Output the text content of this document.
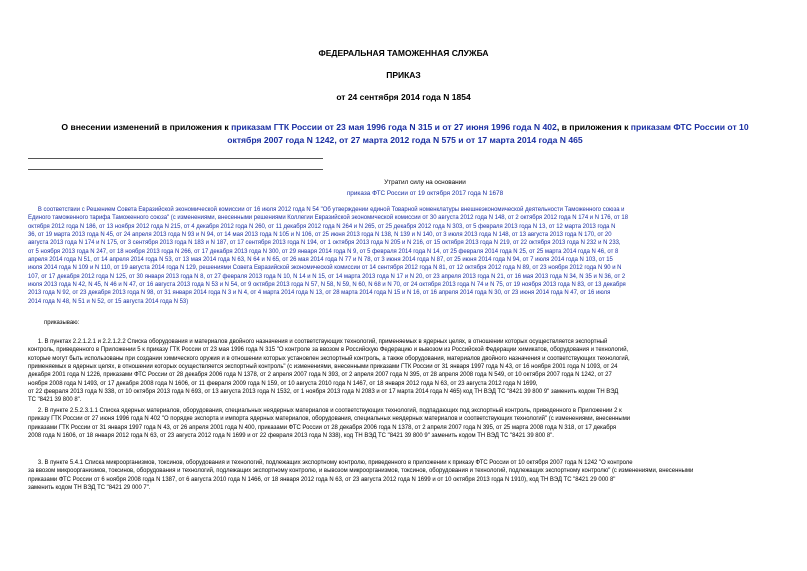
ФЕДЕРАЛЬНАЯ ТАМОЖЕННАЯ СЛУЖБА
ПРИКАЗ
от 24 сентября 2014 года N 1854
О внесении изменений в приложения к приказам ГТК России от 23 мая 1996 года N 315 и от 27 июня 1996 года N 402, в приложения к приказам ФТС России от 10 октября 2007 года N 1242, от 27 марта 2012 года N 575 и от 17 марта 2014 года N 465
Утратил силу на основании
приказа ФТС России от 19 октября 2017 года N 1678
В соответствии с Решением Совета Евразийской экономической комиссии от 16 июля 2012 года N 54 "Об утверждении единой Товарной номенклатуры внешнеэкономической деятельности Таможенного союза и
Единого таможенного тарифа Таможенного союза" (с изменениями, внесенными решениями Коллегии Евразийской экономической комиссии от 30 августа 2012 года N 148, от 2 октября 2012 года N 174 и N 176, от 18
октября 2012 года N 186, от 13 ноября 2012 года N 215, от 4 декабря 2012 года N 260, от 11 декабря 2012 года N 264 и N 265, от 25 декабря 2012 года N 303, от 5 февраля 2013 года N 13, от 12 марта 2013 года N
36, от 19 марта 2013 года N 45, от 24 апреля 2013 года N 93 и N 94, от 14 мая 2013 года N 105 и N 106, от 25 июня 2013 года N 138, N 139 и N 140, от 3 июля 2013 года N 148, от 13 августа 2013 года N 170, от 20
августа 2013 года N 174 и N 175, от 3 сентября 2013 года N 183 и N 187, от 17 сентября 2013 года N 194, от 1 октября 2013 года N 205 и N 216, от 15 октября 2013 года N 219, от 22 октября 2013 года N 232 и N 233,
от 5 ноября 2013 года N 247, от 18 ноября 2013 года N 266, от 17 декабря 2013 года N 300, от 29 января 2014 года N 9, от 5 февраля 2014 года N 14, от 25 февраля 2014 года N 25, от 25 марта 2014 года N 46, от 8
апреля 2014 года N 51, от 14 апреля 2014 года N 53, от 13 мая 2014 года N 63, N 64 и N 65, от 26 мая 2014 года N 77 и N 78, от 3 июня 2014 года N 87, от 25 июня 2014 года N 94, от 7 июля 2014 года N 103, от 15
июля 2014 года N 109 и N 110, от 19 августа 2014 года N 129, решениями Совета Евразийской экономической комиссии от 14 сентября 2012 года N 81, от 12 октября 2012 года N 89, от 23 ноября 2012 года N 90 и N
107, от 17 декабря 2012 года N 125, от 30 января 2013 года N 8, от 27 февраля 2013 года N 10, N 14 и N 15, от 14 марта 2013 года N 17 и N 20, от 23 апреля 2013 года N 21, от 16 мая 2013 года N 34, N 35 и N 36, от 2
июля 2013 года N 42, N 45, N 46 и N 47, от 16 августа 2013 года N 53 и N 54, от 9 октября 2013 года N 57, N 58, N 59, N 60, N 68 и N 70, от 24 октября 2013 года N 74 и N 75, от 19 ноября 2013 года N 83, от 13 декабря
2013 года N 92, от 23 декабря 2013 года N 98, от 31 января 2014 года N 3 и N 4, от 4 марта 2014 года N 13, от 28 марта 2014 года N 15 и N 16, от 16 апреля 2014 года N 30, от 23 июня 2014 года N 47, от 16 июля
2014 года N 48, N 51 и N 52, от 15 августа 2014 года N 53)
приказываю:
1. В пунктах 2.2.1.2.1 и 2.2.1.2.2 Списка оборудования и материалов двойного назначения и соответствующих технологий, применяемых в ядерных целях, в отношении которых осуществляется экспортный
контроль, приведенного в Приложении 5 к приказу ГТК России от 23 мая 1996 года N 315 "О контроле за ввозом в Российскую Федерацию и вывозом из Российской Федерации химикатов, оборудования и технологий,
которые могут быть использованы при создании химического оружия и в отношении которых установлен экспортный контроль, а также оборудования, материалов двойного назначения и соответствующих технологий,
применяемых в ядерных целях, в отношении которых осуществляется экспортный контроль" (с изменениями, внесенными приказами ГТК России от 31 января 1997 года N 43, от 16 ноября 2001 года N 1093, от 24
декабря 2001 года N 1226, приказами ФТС России от 28 декабря 2006 года N 1378, от 2 апреля 2007 года N 393, от 2 апреля 2007 года N 395, от 28 апреля 2008 года N 549, от 10 октября 2007 года N 1242, от 27
ноября 2008 года N 1493, от 17 декабря 2008 года N 1606, от 11 февраля 2009 года N 159, от 10 августа 2010 года N 1467, от 18 января 2012 года N 63, от 23 августа 2012 года N 1699,
от 22 февраля 2013 года N 338, от 10 октября 2013 года N 693, от 13 августа 2013 года N 1532, от 1 ноября 2013 года N 2083 и от 17 марта 2014 года N 465) код ТН ВЭД ТС "8421 39 800 9" заменить кодом ТН ВЭД
ТС "8421 39 800 8".
2. В пункте 2.5.2.3.1.1 Списка ядерных материалов, оборудования, специальных неядерных материалов и соответствующих технологий, подпадающих под экспортный контроль, приведенного в Приложении 2 к
приказу ГТК России от 27 июня 1996 года N 402 "О порядке экспорта и импорта ядерных материалов, оборудования, специальных неядерных материалов и соответствующих технологий" (с изменениями, внесенными
приказами ГТК России от 31 января 1997 года N 43, от 26 апреля 2001 года N 400, приказами ФТС России от 28 декабря 2006 года N 1378, от 2 апреля 2007 года N 395, от 25 марта 2008 года N 318, от 17 декабря
2008 года N 1606, от 18 января 2012 года N 63, от 23 августа 2012 года N 1699 и от 22 февраля 2013 года N 338), код ТН ВЭД ТС "8421 39 800 9" заменить кодом ТН ВЭД ТС "8421 39 800 8".
3. В пункте 5.4.1 Списка микроорганизмов, токсинов, оборудования и технологий, подлежащих экспортному контролю, приведенного в приложении к приказу ФТС России от 10 октября 2007 года N 1242 "О контроле
за ввозом микроорганизмов, токсинов, оборудования и технологий, подлежащих экспортному контролю, и вывозом микроорганизмов, токсинов, оборудования и технологий, подлежащих экспортному контролю" (с изменениями, внесенными
приказами ФТС России от 6 ноября 2008 года N 1387, от 6 августа 2010 года N 1466, от 18 января 2012 года N 63, от 23 августа 2012 года N 1699 и от 10 октября 2013 года N 1910), код ТН ВЭД ТС "8421 29 000 8"
заменить кодом ТН ВЭД ТС "8421 29 000 7".
